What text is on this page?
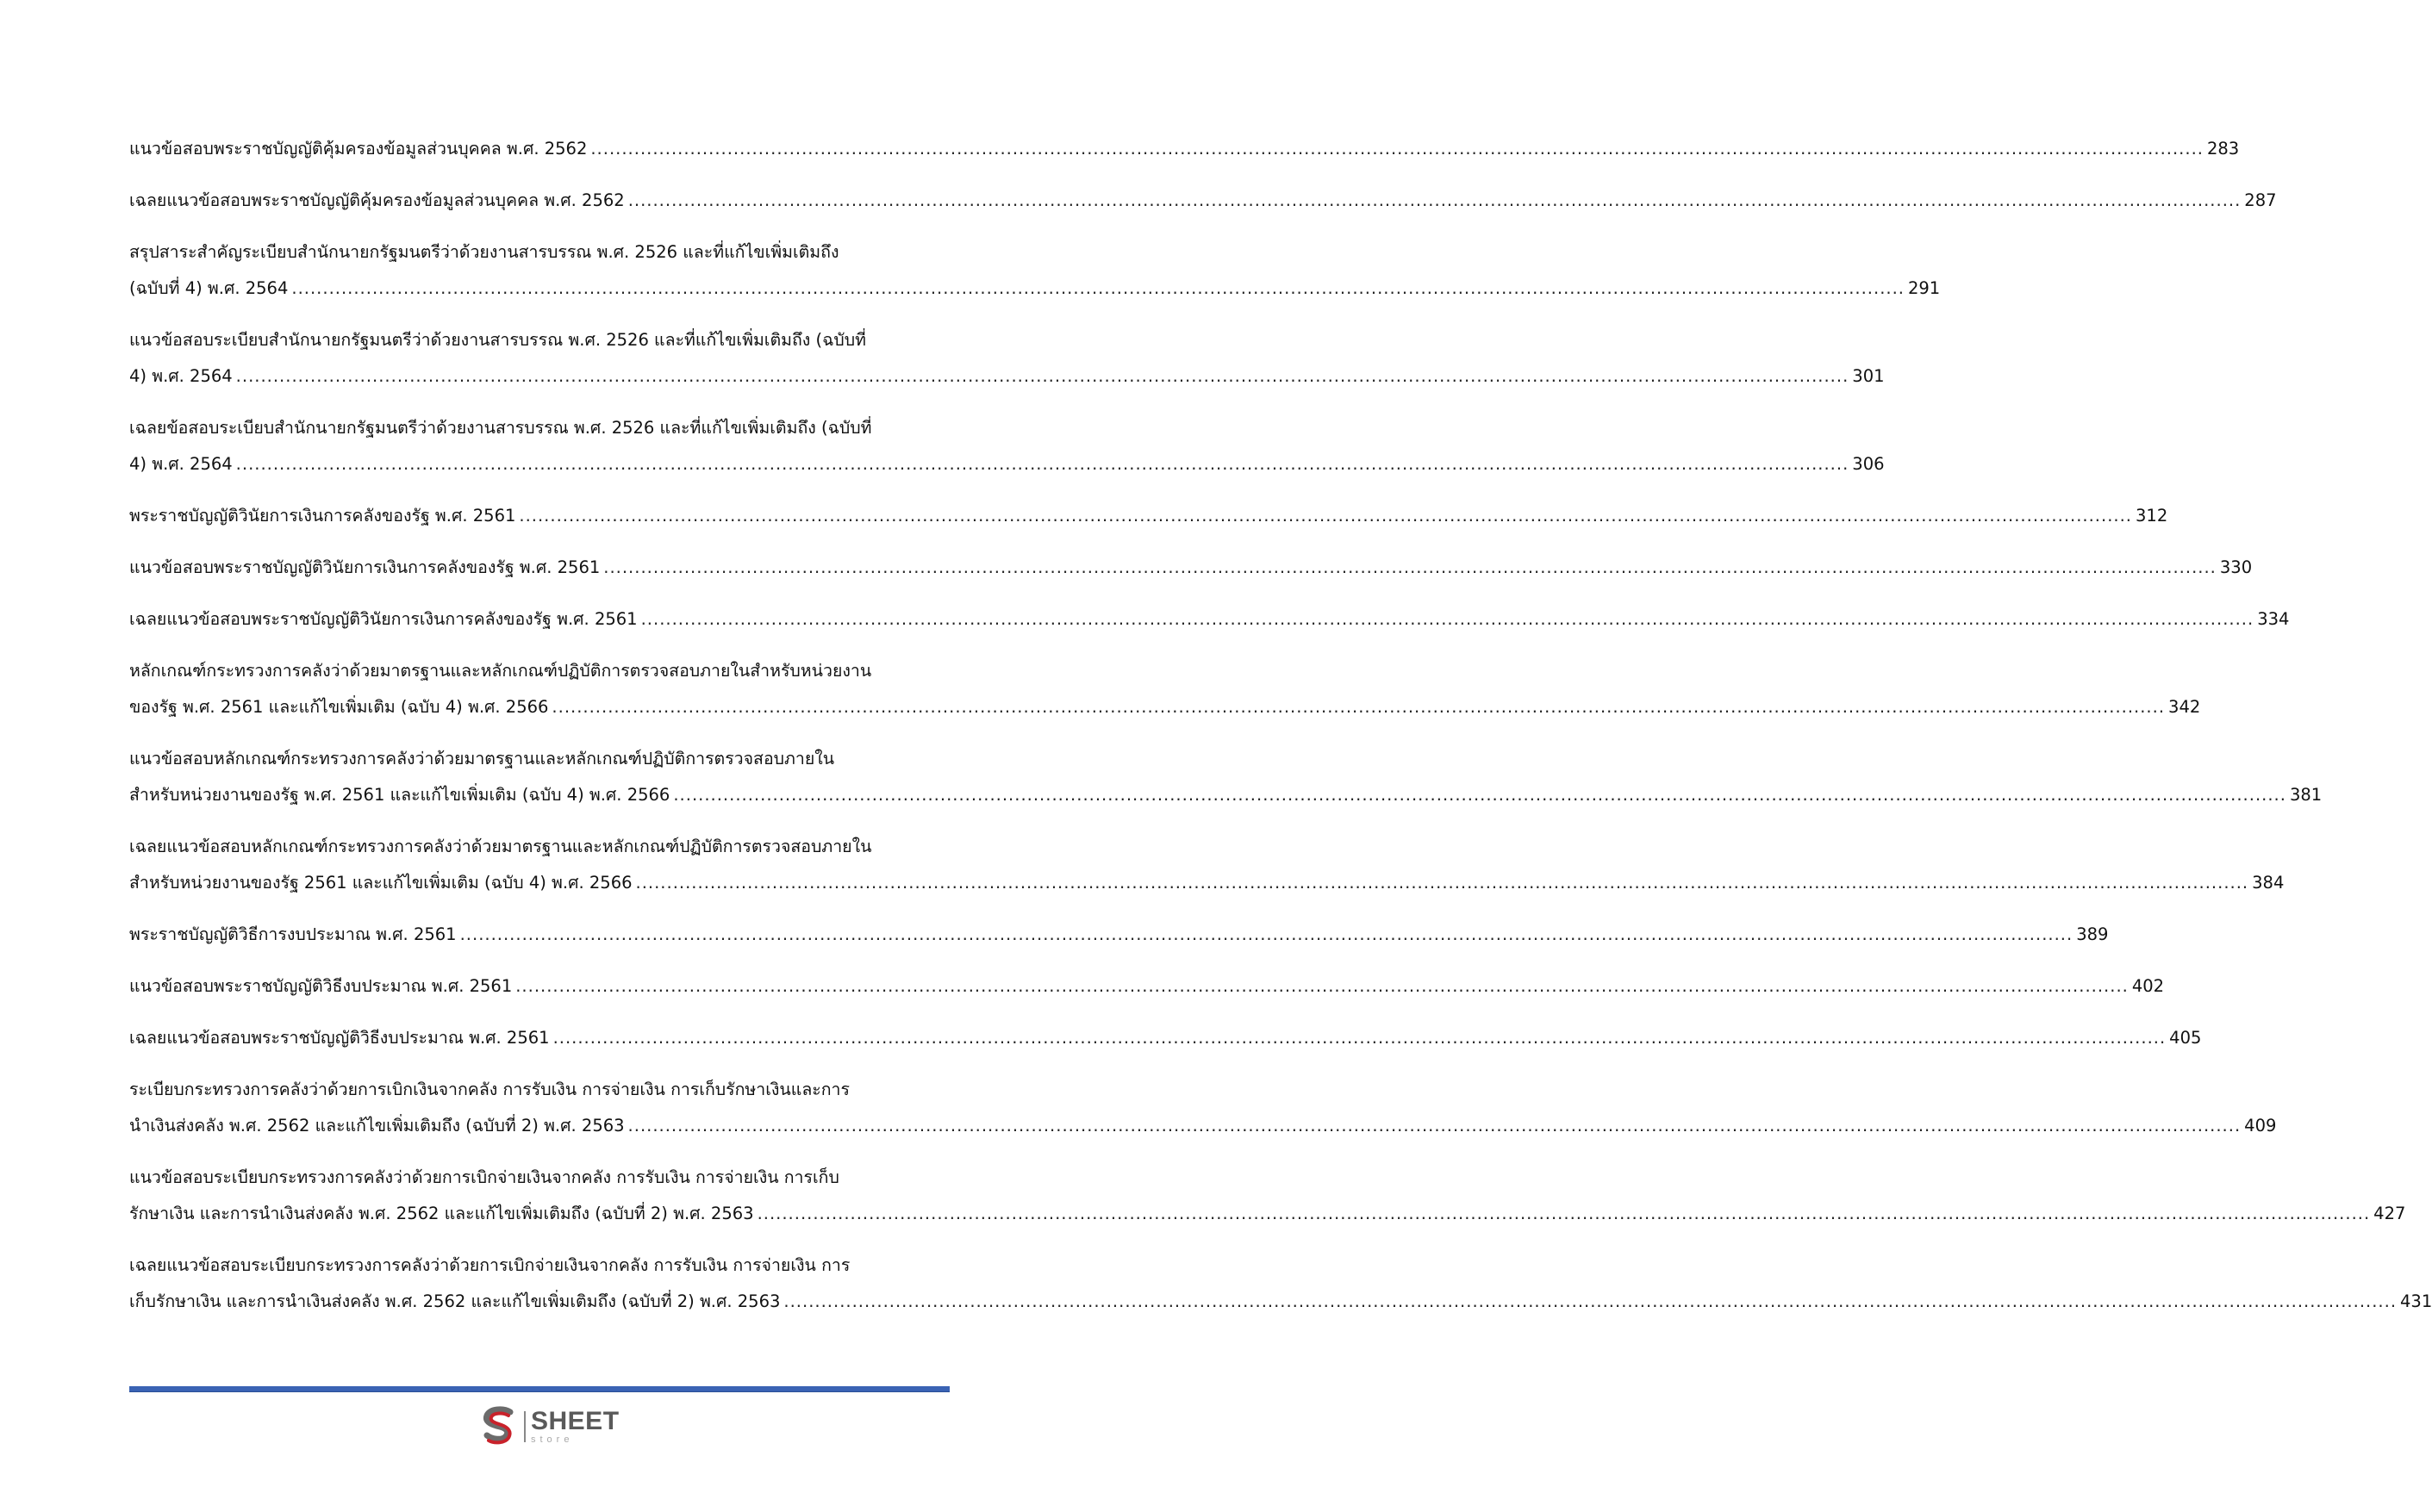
แนวข้อสอบพระราชบัญญัติคุ้มครองข้อมูลส่วนบุคคล พ.ศ. 2562 .................................................................................................................................................................................................................................................................... 283
เฉลยแนวข้อสอบพระราชบัญญัติคุ้มครองข้อมูลส่วนบุคคล พ.ศ. 2562 .................................................................................................................................................................................................................................................................... 287
สรุปสาระสำคัญระเบียบสำนักนายกรัฐมนตรีว่าด้วยงานสารบรรณ พ.ศ. 2526 และที่แก้ไขเพิ่มเติมถึง
(ฉบับที่ 4) พ.ศ. 2564 .................................................................................................................................................................................................................................................................... 291
แนวข้อสอบระเบียบสำนักนายกรัฐมนตรีว่าด้วยงานสารบรรณ พ.ศ. 2526 และที่แก้ไขเพิ่มเติมถึง (ฉบับที่
4) พ.ศ. 2564 .................................................................................................................................................................................................................................................................... 301
เฉลยข้อสอบระเบียบสำนักนายกรัฐมนตรีว่าด้วยงานสารบรรณ พ.ศ. 2526 และที่แก้ไขเพิ่มเติมถึง (ฉบับที่
4) พ.ศ. 2564 .................................................................................................................................................................................................................................................................... 306
พระราชบัญญัติวินัยการเงินการคลังของรัฐ พ.ศ. 2561 .................................................................................................................................................................................................................................................................... 312
แนวข้อสอบพระราชบัญญัติวินัยการเงินการคลังของรัฐ พ.ศ. 2561 .................................................................................................................................................................................................................................................................... 330
เฉลยแนวข้อสอบพระราชบัญญัติวินัยการเงินการคลังของรัฐ พ.ศ. 2561 .................................................................................................................................................................................................................................................................... 334
หลักเกณฑ์กระทรวงการคลังว่าด้วยมาตรฐานและหลักเกณฑ์ปฏิบัติการตรวจสอบภายในสำหรับหน่วยงาน
ของรัฐ พ.ศ. 2561 และแก้ไขเพิ่มเติม (ฉบับ 4) พ.ศ. 2566 .................................................................................................................................................................................................................................................................... 342
แนวข้อสอบหลักเกณฑ์กระทรวงการคลังว่าด้วยมาตรฐานและหลักเกณฑ์ปฏิบัติการตรวจสอบภายใน
สำหรับหน่วยงานของรัฐ พ.ศ. 2561 และแก้ไขเพิ่มเติม (ฉบับ 4) พ.ศ. 2566 .................................................................................................................................................................................................................................................................... 381
เฉลยแนวข้อสอบหลักเกณฑ์กระทรวงการคลังว่าด้วยมาตรฐานและหลักเกณฑ์ปฏิบัติการตรวจสอบภายใน
สำหรับหน่วยงานของรัฐ 2561 และแก้ไขเพิ่มเติม (ฉบับ 4) พ.ศ. 2566 .................................................................................................................................................................................................................................................................... 384
พระราชบัญญัติวิธีการงบประมาณ พ.ศ. 2561 .................................................................................................................................................................................................................................................................... 389
แนวข้อสอบพระราชบัญญัติวิธีงบประมาณ พ.ศ. 2561 .................................................................................................................................................................................................................................................................... 402
เฉลยแนวข้อสอบพระราชบัญญัติวิธีงบประมาณ พ.ศ. 2561 .................................................................................................................................................................................................................................................................... 405
ระเบียบกระทรวงการคลังว่าด้วยการเบิกเงินจากคลัง การรับเงิน การจ่ายเงิน การเก็บรักษาเงินและการ
นำเงินส่งคลัง พ.ศ. 2562 และแก้ไขเพิ่มเติมถึง (ฉบับที่ 2) พ.ศ. 2563 .................................................................................................................................................................................................................................................................... 409
แนวข้อสอบระเบียบกระทรวงการคลังว่าด้วยการเบิกจ่ายเงินจากคลัง การรับเงิน การจ่ายเงิน การเก็บ
รักษาเงิน และการนำเงินส่งคลัง พ.ศ. 2562 และแก้ไขเพิ่มเติมถึง (ฉบับที่ 2) พ.ศ. 2563 .................................................................................................................................................................................................................................................................... 427
เฉลยแนวข้อสอบระเบียบกระทรวงการคลังว่าด้วยการเบิกจ่ายเงินจากคลัง การรับเงิน การจ่ายเงิน การ
เก็บรักษาเงิน และการนำเงินส่งคลัง พ.ศ. 2562 และแก้ไขเพิ่มเติมถึง (ฉบับที่ 2) พ.ศ. 2563 .................................................................................................................................................................................................................................................................... 431
SHEET
store
